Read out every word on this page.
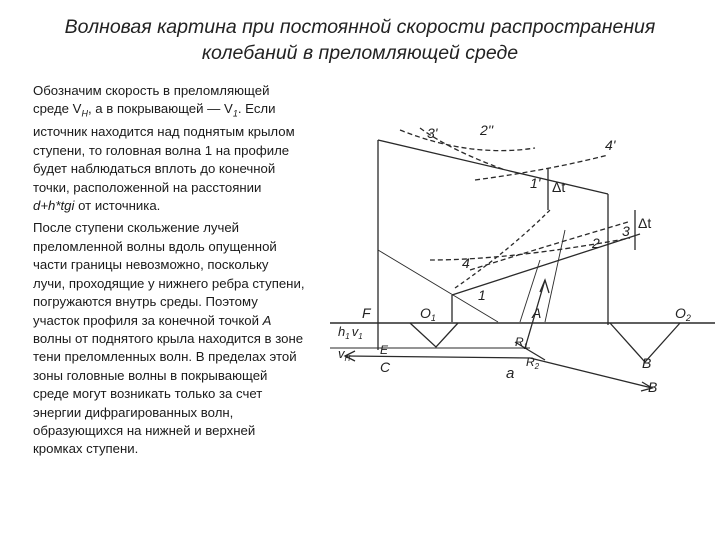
Волновая картина при постоянной скорости распространения
колебаний в преломляющей среде

Обозначим скорость в преломляющей
среде $V_H$, а в покрывающей — $V_1$. Если
источник находится над поднятым крылом
ступени, то головная волна 1 на профиле
будет наблюдаться вплоть до конечной
точки, расположенной на расстоянии
d+h*tgi от источника.

После ступени скольжение лучей
преломленной волны вдоль опущенной
части границы невозможно, поскольку
лучи, проходящие у нижнего ребра ступени,
погружаются внутрь среды. Поэтому
участок профиля за конечной точкой A
волны от поднятого крыла находится в зоне
тени преломленных волн. В пределах этой
зоны головные волны в покрывающей
среде могут возникать только за счет
энергии дифрагированных волн,
образующихся на нижней и верхней
кромках ступени.

3'	2''
4'
1' Δt
3 Δt
2
4
1
F	$O_1$	A	$O_2$
$h_1$ $v_1$
$v_H$
E
C
$R_1$
$R_2$
a
B
B
